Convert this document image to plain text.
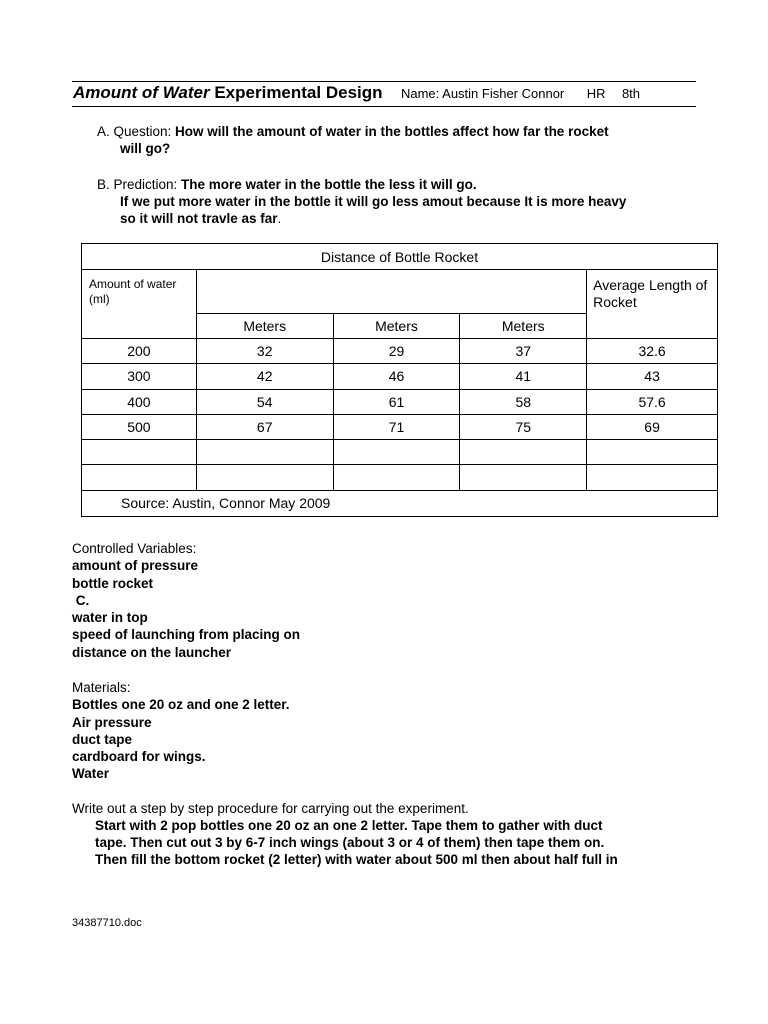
Amount of Water Experimental Design Name: Austin Fisher Connor HR 8th
A. Question: How will the amount of water in the bottles affect how far the rocket
will go?
B. Prediction: The more water in the bottle the less it will go.
If we put more water in the bottle it will go less amout because It is more heavy
so it will not travle as far.
Distance of Bottle Rocket				
Amount of water (ml)				Average Length of Rocket
	Meters	Meters	Meters	
200	32	29	37	32.6
300	42	46	41	43
400	54	61	58	57.6
500	67	71	75	69

Source: Austin, Connor May 2009				
Controlled Variables:
amount of pressure
bottle rocket
C.
water in top
speed of launching from placing on
distance on the launcher
Materials:
Bottles one 20 oz and one 2 letter.
Air pressure
duct tape
cardboard for wings.
Water
Write out a step by step procedure for carrying out the experiment.
Start with 2 pop bottles one 20 oz an one 2 letter. Tape them to gather with duct
tape. Then cut out 3 by 6-7 inch wings (about 3 or 4 of them) then tape them on.
Then fill the bottom rocket (2 letter) with water about 500 ml then about half full in
34387710.doc
